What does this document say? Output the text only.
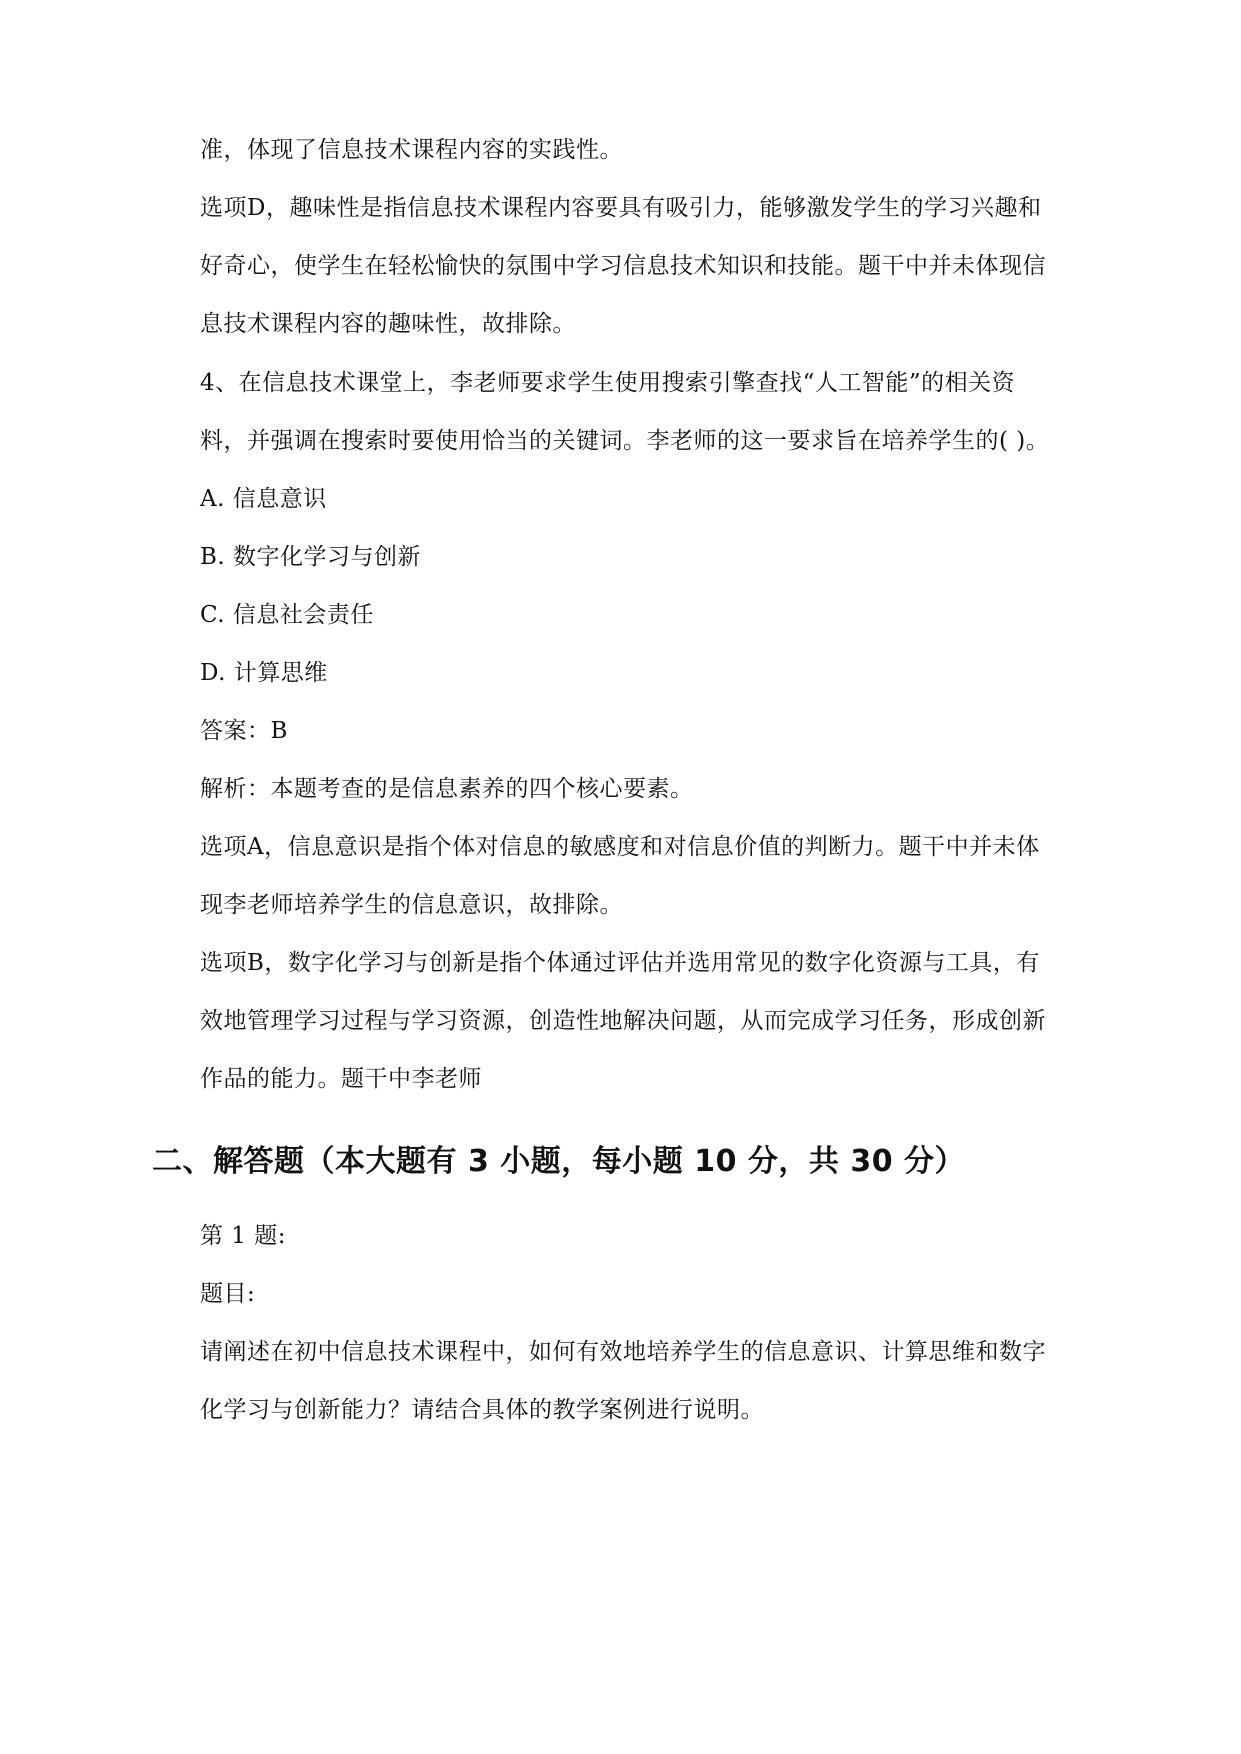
准，体现了信息技术课程内容的实践性。
选项D，趣味性是指信息技术课程内容要具有吸引力，能够激发学生的学习兴趣和
好奇心，使学生在轻松愉快的氛围中学习信息技术知识和技能。题干中并未体现信
息技术课程内容的趣味性，故排除。
4、在信息技术课堂上，李老师要求学生使用搜索引擎查找“人工智能”的相关资
料，并强调在搜索时要使用恰当的关键词。李老师的这一要求旨在培养学生的( )。
A. 信息意识
B. 数字化学习与创新
C. 信息社会责任
D. 计算思维
答案：B
解析：本题考查的是信息素养的四个核心要素。
选项A，信息意识是指个体对信息的敏感度和对信息价值的判断力。题干中并未体
现李老师培养学生的信息意识，故排除。
选项B，数字化学习与创新是指个体通过评估并选用常见的数字化资源与工具，有
效地管理学习过程与学习资源，创造性地解决问题，从而完成学习任务，形成创新
作品的能力。题干中李老师
二、解答题（本大题有 3 小题，每小题 10 分，共 30 分）
第 1 题:
题目:
请阐述在初中信息技术课程中，如何有效地培养学生的信息意识、计算思维和数字
化学习与创新能力？请结合具体的教学案例进行说明。
